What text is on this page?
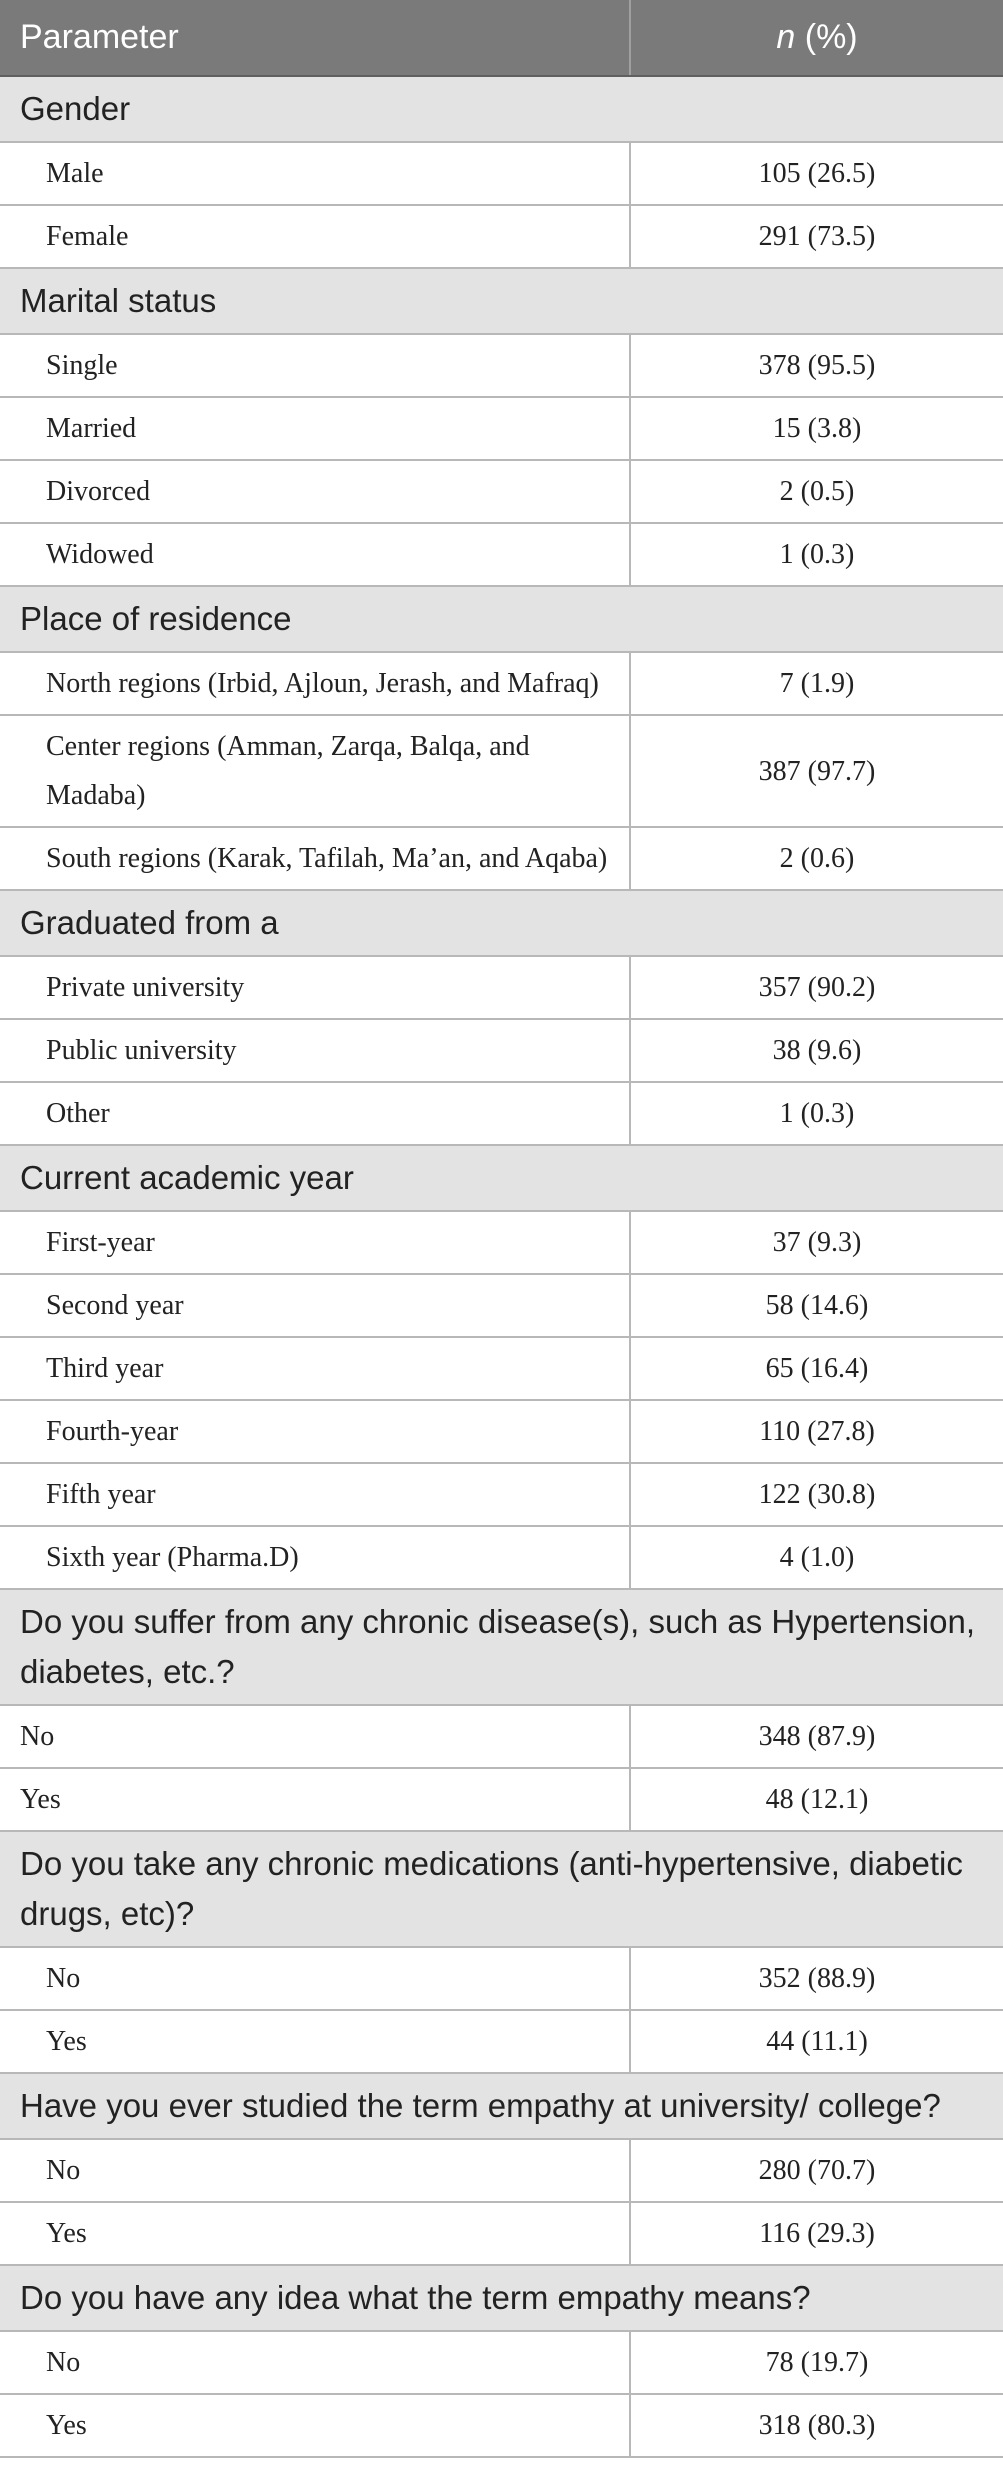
Parameter	n (%)
Gender	
Male	105 (26.5)
Female	291 (73.5)
Marital status	
Single	378 (95.5)
Married	15 (3.8)
Divorced	2 (0.5)
Widowed	1 (0.3)
Place of residence	
North regions (Irbid, Ajloun, Jerash, and Mafraq)	7 (1.9)
Center regions (Amman, Zarqa, Balqa, and Madaba)	387 (97.7)
South regions (Karak, Tafilah, Ma’an, and Aqaba)	2 (0.6)
Graduated from a	
Private university	357 (90.2)
Public university	38 (9.6)
Other	1 (0.3)
Current academic year	
First-year	37 (9.3)
Second year	58 (14.6)
Third year	65 (16.4)
Fourth-year	110 (27.8)
Fifth year	122 (30.8)
Sixth year (Pharma.D)	4 (1.0)
Do you suffer from any chronic disease(s), such as Hypertension, diabetes, etc.?	
No	348 (87.9)
Yes	48 (12.1)
Do you take any chronic medications (anti-hypertensive, diabetic drugs, etc)?	
No	352 (88.9)
Yes	44 (11.1)
Have you ever studied the term empathy at university/ college?	
No	280 (70.7)
Yes	116 (29.3)
Do you have any idea what the term empathy means?	
No	78 (19.7)
Yes	318 (80.3)
